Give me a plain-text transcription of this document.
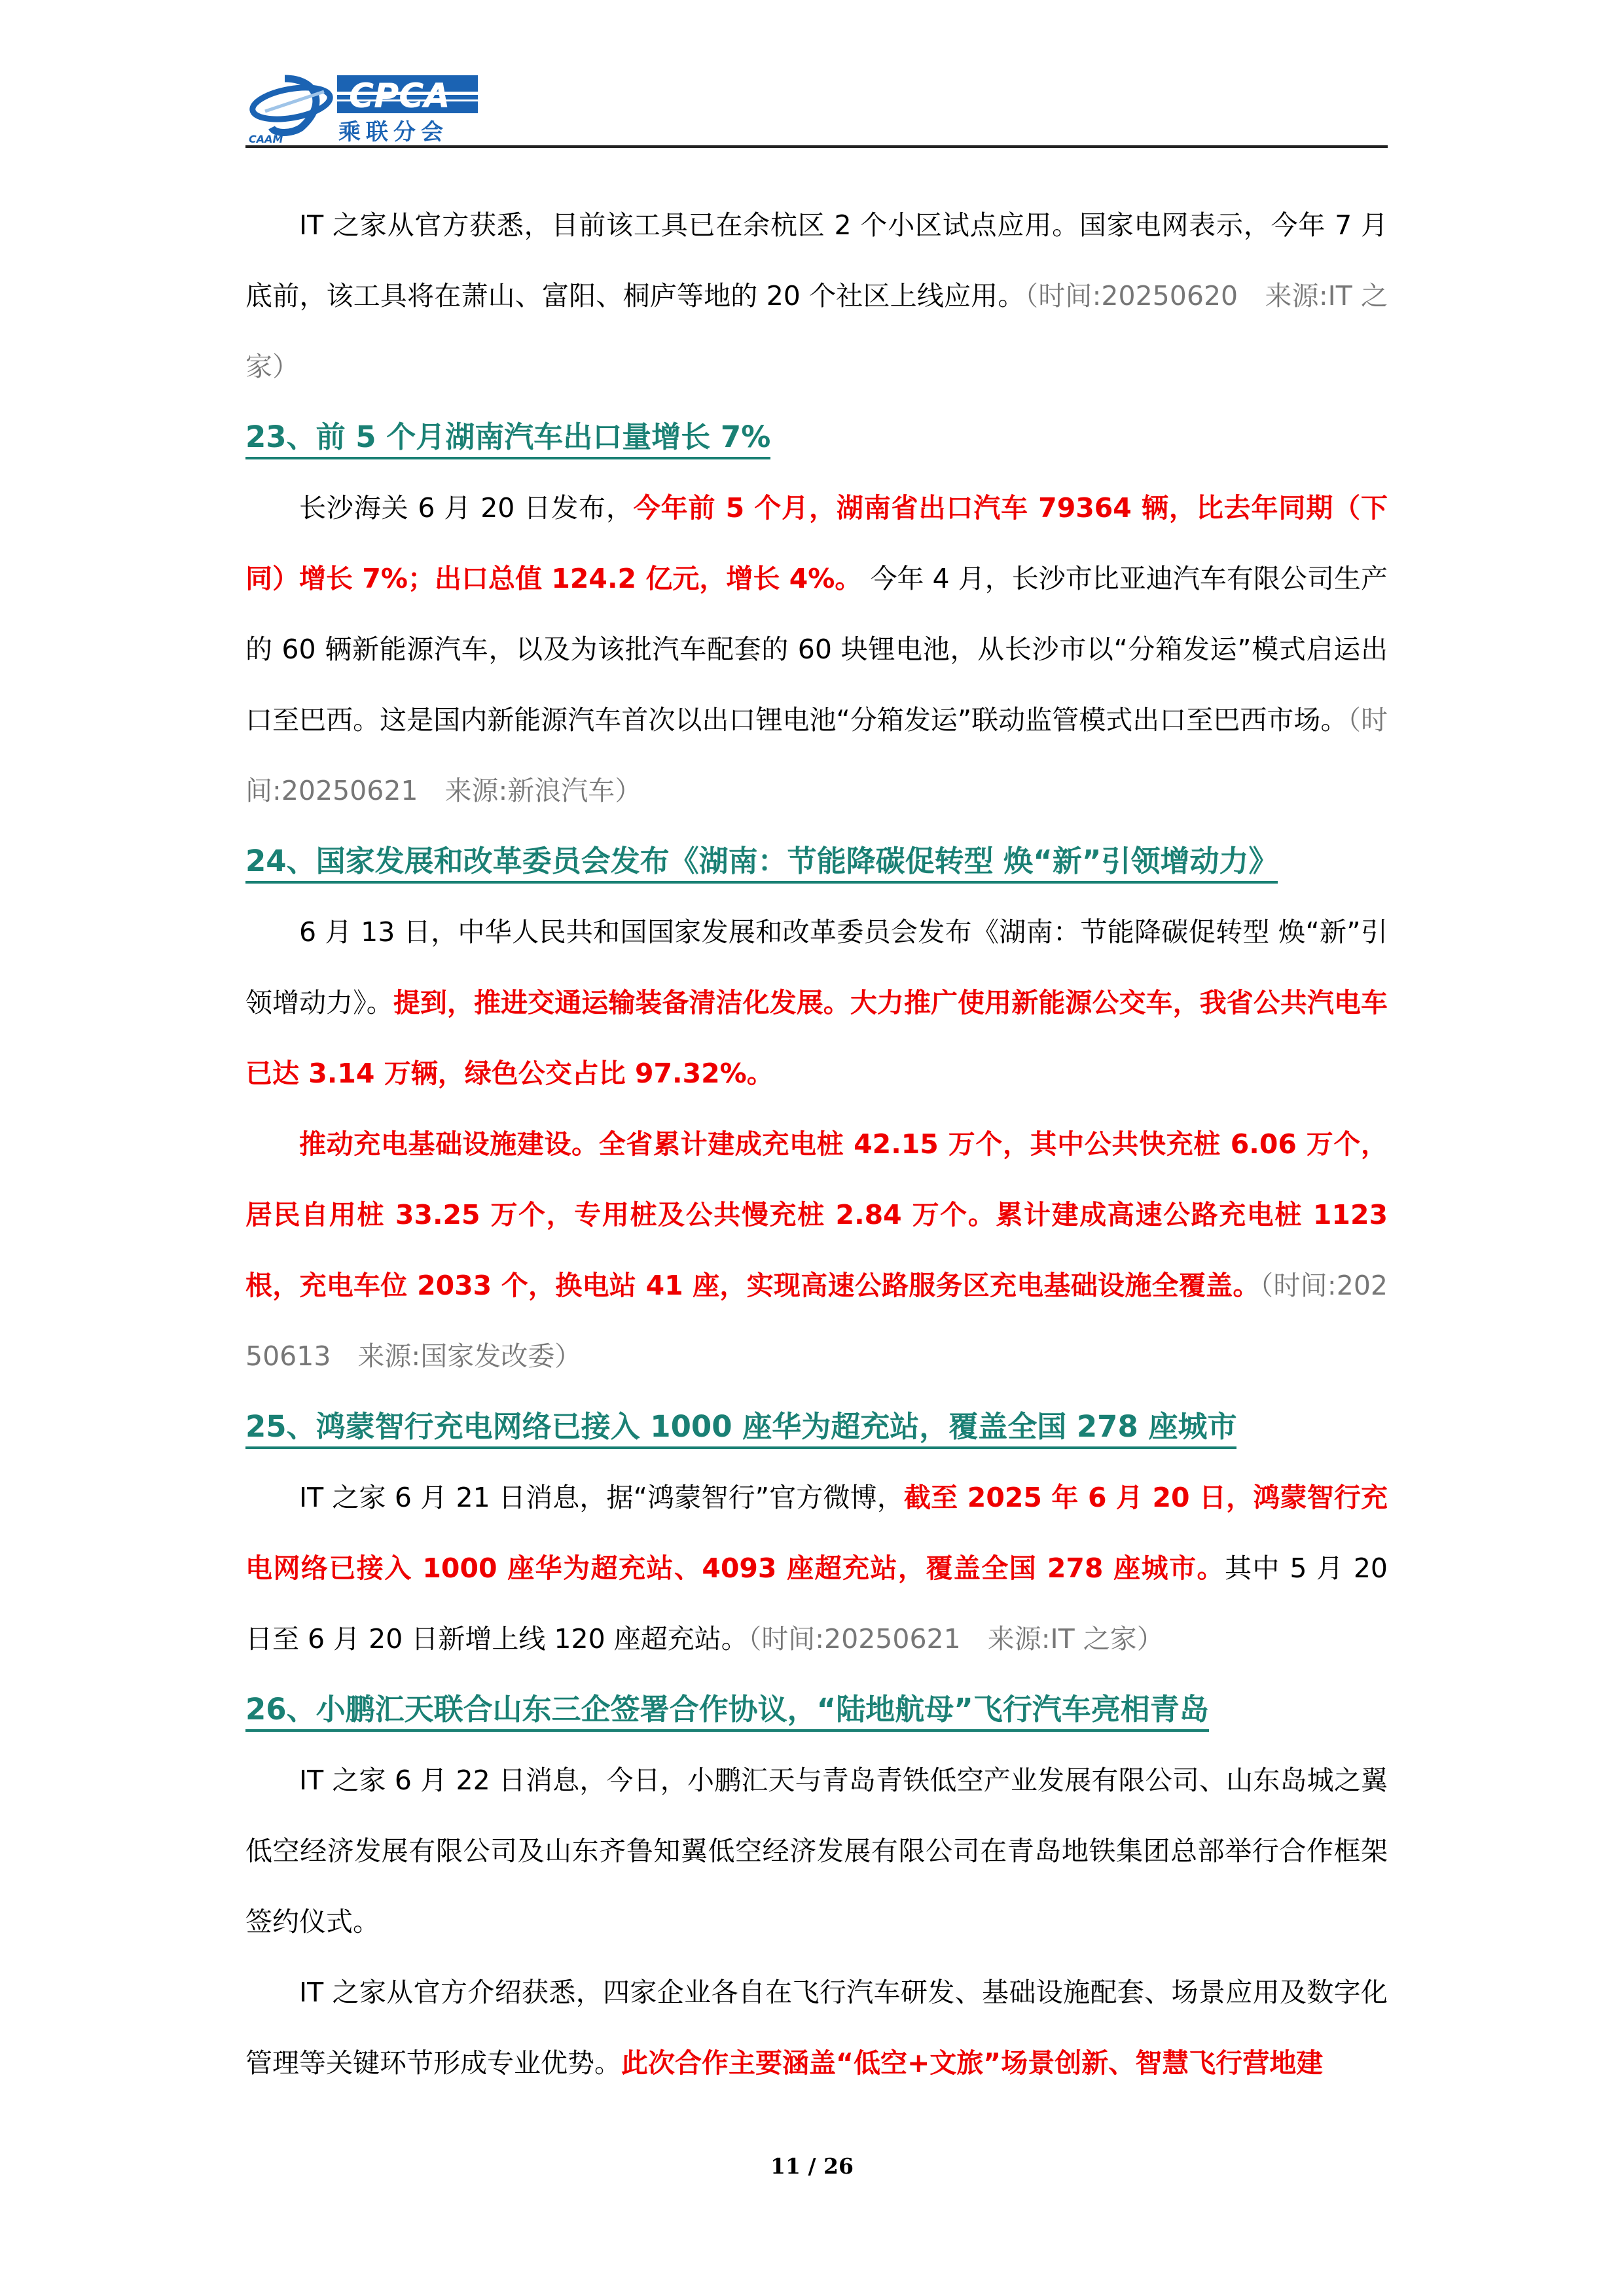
CAAM
CPCA
乘联分会

IT 之家从官方获悉，目前该工具已在余杭区 2 个小区试点应用。国家电网表示，今年 7 月底前，该工具将在萧山、富阳、桐庐等地的 20 个社区上线应用。（时间:20250620　来源:IT 之家）

23、前 5 个月湖南汽车出口量增长 7%

长沙海关 6 月 20 日发布，今年前 5 个月，湖南省出口汽车 79364 辆，比去年同期（下同）增长 7%；出口总值 124.2 亿元，增长 4%。 今年 4 月，长沙市比亚迪汽车有限公司生产的 60 辆新能源汽车，以及为该批汽车配套的 60 块锂电池，从长沙市以“分箱发运”模式启运出口至巴西。这是国内新能源汽车首次以出口锂电池“分箱发运”联动监管模式出口至巴西市场。（时间:20250621　来源:新浪汽车）

24、国家发展和改革委员会发布《湖南：节能降碳促转型 焕“新”引领增动力》

6 月 13 日，中华人民共和国国家发展和改革委员会发布《湖南：节能降碳促转型 焕“新”引领增动力》。提到，推进交通运输装备清洁化发展。大力推广使用新能源公交车，我省公共汽电车已达 3.14 万辆，绿色公交占比 97.32%。

推动充电基础设施建设。全省累计建成充电桩 42.15 万个，其中公共快充桩 6.06 万个，居民自用桩 33.25 万个，专用桩及公共慢充桩 2.84 万个。累计建成高速公路充电桩 1123 根，充电车位 2033 个，换电站 41 座，实现高速公路服务区充电基础设施全覆盖。（时间:20250613　来源:国家发改委）

25、鸿蒙智行充电网络已接入 1000 座华为超充站，覆盖全国 278 座城市

IT 之家 6 月 21 日消息，据“鸿蒙智行”官方微博，截至 2025 年 6 月 20 日，鸿蒙智行充电网络已接入 1000 座华为超充站、4093 座超充站，覆盖全国 278 座城市。其中 5 月 20 日至 6 月 20 日新增上线 120 座超充站。（时间:20250621　来源:IT 之家）

26、小鹏汇天联合山东三企签署合作协议，“陆地航母”飞行汽车亮相青岛

IT 之家 6 月 22 日消息，今日，小鹏汇天与青岛青铁低空产业发展有限公司、山东岛城之翼低空经济发展有限公司及山东齐鲁知翼低空经济发展有限公司在青岛地铁集团总部举行合作框架签约仪式。

IT 之家从官方介绍获悉，四家企业各自在飞行汽车研发、基础设施配套、场景应用及数字化管理等关键环节形成专业优势。此次合作主要涵盖“低空+文旅”场景创新、智慧飞行营地建

11 / 26
